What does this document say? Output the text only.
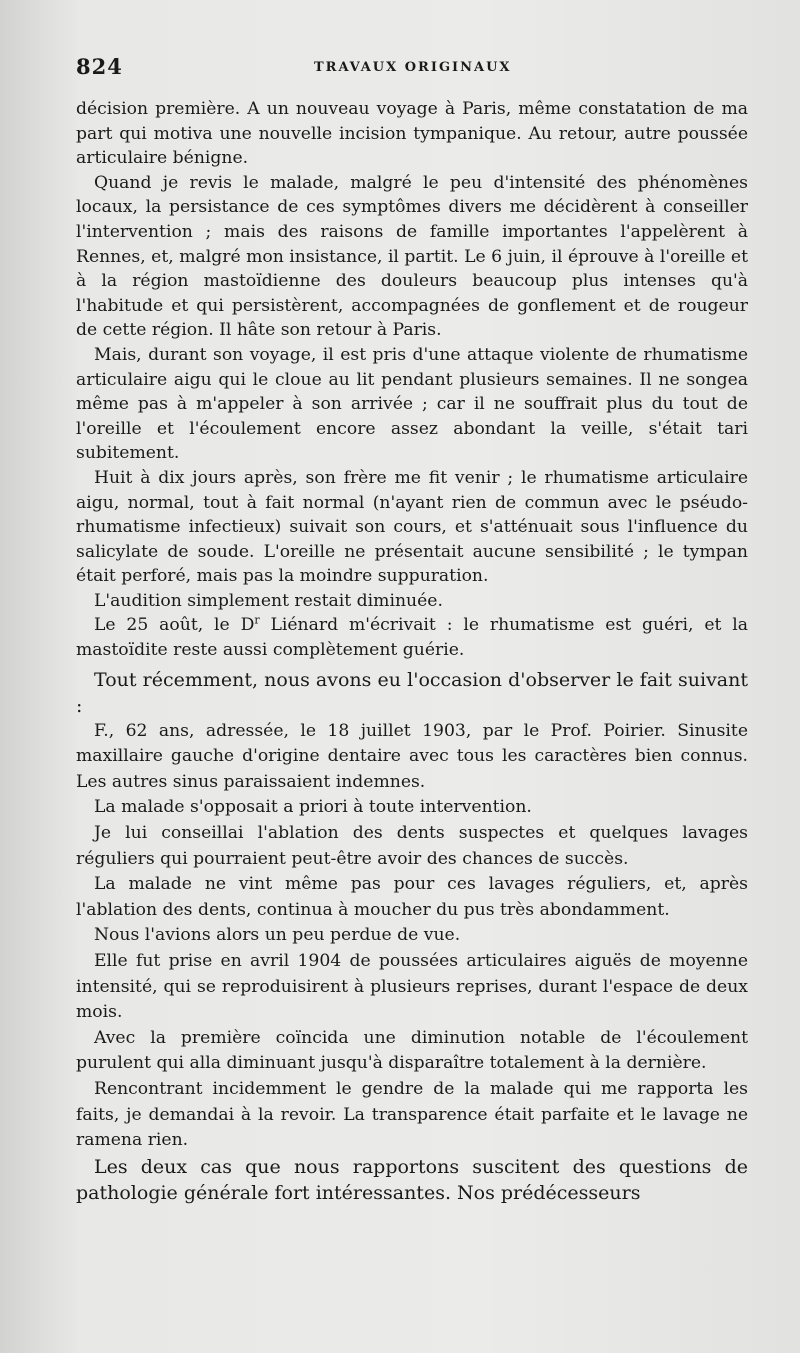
824	TRAVAUX ORIGINAUX

décision première. A un nouveau voyage à Paris, même constatation de ma part qui motiva une nouvelle incision tympanique. Au retour, autre poussée articulaire bénigne.

Quand je revis le malade, malgré le peu d'intensité des phénomènes locaux, la persistance de ces symptômes divers me décidèrent à conseiller l'intervention ; mais des raisons de famille importantes l'appelèrent à Rennes, et, malgré mon insistance, il partit. Le 6 juin, il éprouve à l'oreille et à la région mastoïdienne des douleurs beaucoup plus intenses qu'à l'habitude et qui persistèrent, accompagnées de gonflement et de rougeur de cette région. Il hâte son retour à Paris.

Mais, durant son voyage, il est pris d'une attaque violente de rhumatisme articulaire aigu qui le cloue au lit pendant plusieurs semaines. Il ne songea même pas à m'appeler à son arrivée ; car il ne souffrait plus du tout de l'oreille et l'écoulement encore assez abondant la veille, s'était tari subitement.

Huit à dix jours après, son frère me fit venir ; le rhumatisme articulaire aigu, normal, tout à fait normal (n'ayant rien de commun avec le pséudo-rhumatisme infectieux) suivait son cours, et s'atténuait sous l'influence du salicylate de soude. L'oreille ne présentait aucune sensibilité ; le tympan était perforé, mais pas la moindre suppuration.

L'audition simplement restait diminuée.

Le 25 août, le $D^r$ Liénard m'écrivait : le rhumatisme est guéri, et la mastoïdite reste aussi complètement guérie.

Tout récemment, nous avons eu l'occasion d'observer le fait suivant :

F., 62 ans, adressée, le 18 juillet 1903, par le Prof. Poirier. Sinusite maxillaire gauche d'origine dentaire avec tous les caractères bien connus. Les autres sinus paraissaient indemnes.

La malade s'opposait a priori à toute intervention.

Je lui conseillai l'ablation des dents suspectes et quelques lavages réguliers qui pourraient peut-être avoir des chances de succès.

La malade ne vint même pas pour ces lavages réguliers, et, après l'ablation des dents, continua à moucher du pus très abondamment.

Nous l'avions alors un peu perdue de vue.

Elle fut prise en avril 1904 de poussées articulaires aiguës de moyenne intensité, qui se reproduisirent à plusieurs reprises, durant l'espace de deux mois.

Avec la première coïncida une diminution notable de l'écoulement purulent qui alla diminuant jusqu'à disparaître totalement à la dernière.

Rencontrant incidemment le gendre de la malade qui me rapporta les faits, je demandai à la revoir. La transparence était parfaite et le lavage ne ramena rien.

Les deux cas que nous rapportons suscitent des questions de pathologie générale fort intéressantes. Nos prédécesseurs
